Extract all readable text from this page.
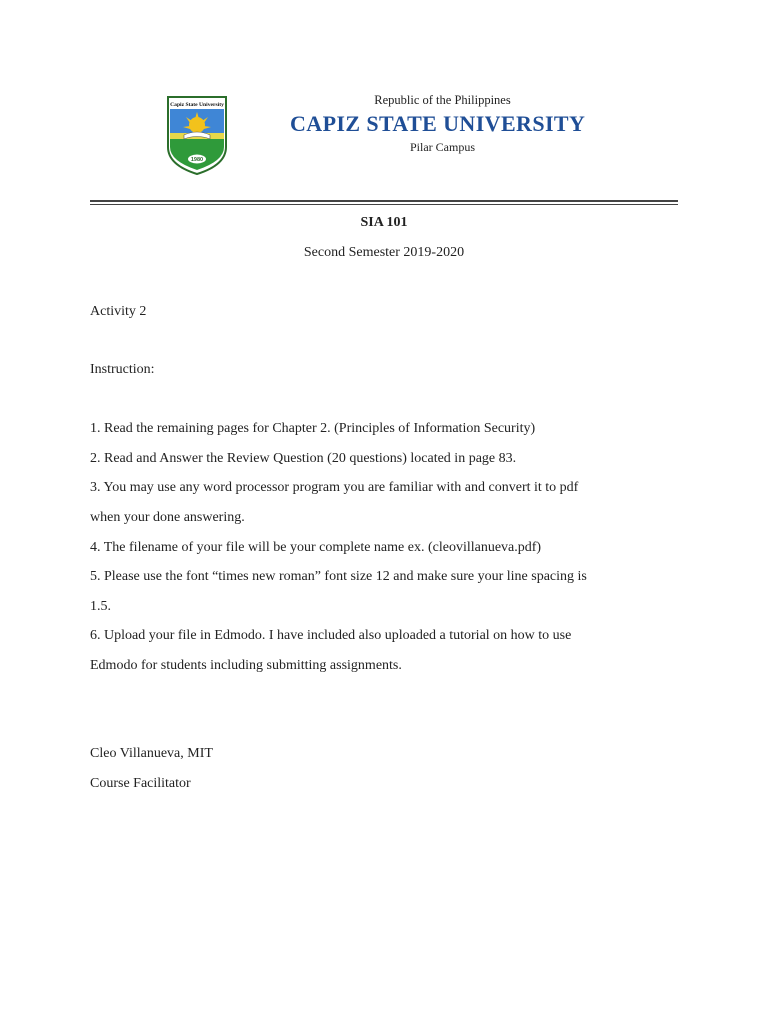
Capiz State University
1980
Republic of the Philippines
CAPIZ STATE UNIVERSITY
Pilar Campus
SIA 101
Second Semester 2019-2020
Activity 2
Instruction:
1. Read the remaining pages for Chapter 2. (Principles of Information Security)
2. Read and Answer the Review Question (20 questions) located in page 83.
3. You may use any word processor program you are familiar with and convert it to pdf
when your done answering.
4. The filename of your file will be your complete name ex. (cleovillanueva.pdf)
5. Please use the font “times new roman” font size 12 and make sure your line spacing is
1.5.
6. Upload your file in Edmodo. I have included also uploaded a tutorial on how to use
Edmodo for students including submitting assignments.
Cleo Villanueva, MIT
Course Facilitator
